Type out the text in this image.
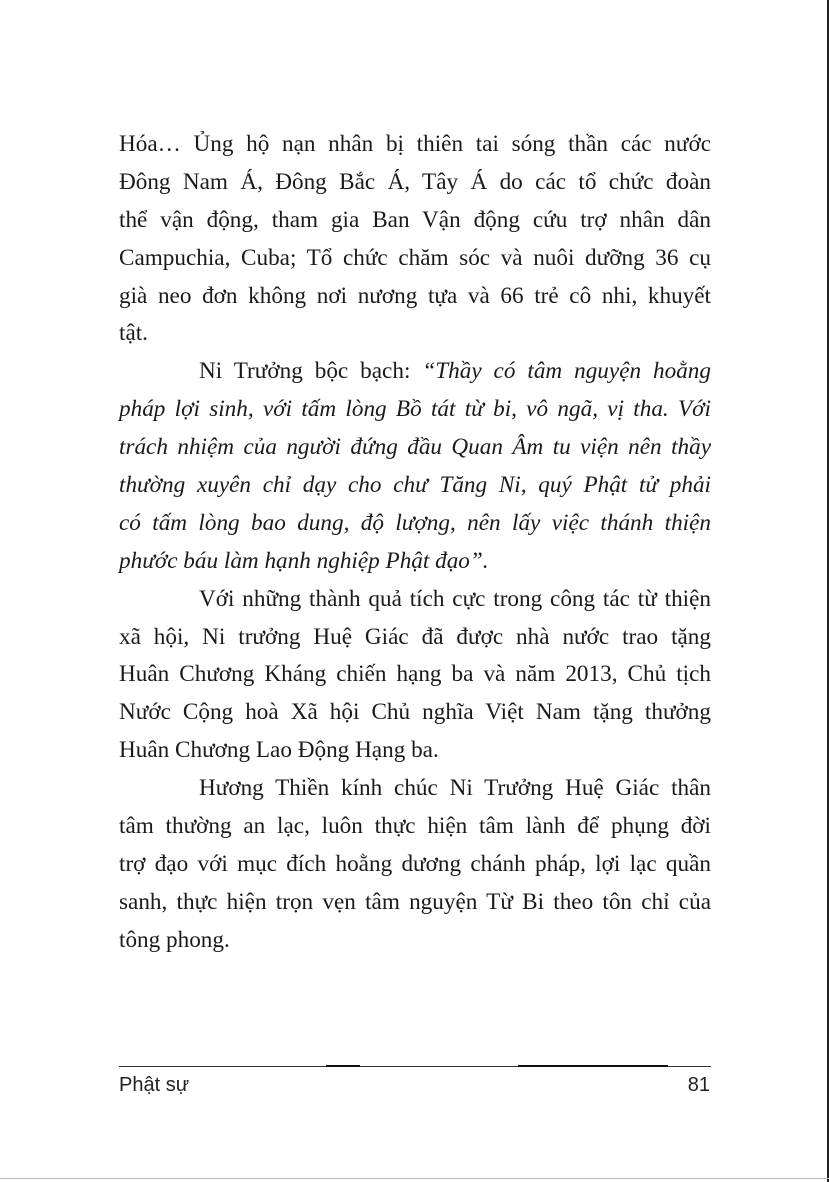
Hóa… Ủng hộ nạn nhân bị thiên tai sóng thần các nước
Đông Nam Á, Đông Bắc Á, Tây Á do các tổ chức đoàn
thể vận động, tham gia Ban Vận động cứu trợ nhân dân
Campuchia, Cuba; Tổ chức chăm sóc và nuôi dưỡng 36 cụ
già neo đơn không nơi nương tựa và 66 trẻ cô nhi, khuyết
tật.
Ni Trưởng bộc bạch: “Thầy có tâm nguyện hoằng
pháp lợi sinh, với tấm lòng Bồ tát từ bi, vô ngã, vị tha. Với
trách nhiệm của người đứng đầu Quan Âm tu viện nên thầy
thường xuyên chỉ dạy cho chư Tăng Ni, quý Phật tử phải
có tấm lòng bao dung, độ lượng, nên lấy việc thánh thiện
phước báu làm hạnh nghiệp Phật đạo”.
Với những thành quả tích cực trong công tác từ thiện
xã hội, Ni trưởng Huệ Giác đã được nhà nước trao tặng
Huân Chương Kháng chiến hạng ba và năm 2013, Chủ tịch
Nước Cộng hoà Xã hội Chủ nghĩa Việt Nam tặng thưởng
Huân Chương Lao Động Hạng ba.
Hương Thiền kính chúc Ni Trưởng Huệ Giác thân
tâm thường an lạc, luôn thực hiện tâm lành để phụng đời
trợ đạo với mục đích hoằng dương chánh pháp, lợi lạc quần
sanh, thực hiện trọn vẹn tâm nguyện Từ Bi theo tôn chỉ của
tông phong.
Phật sự	81
